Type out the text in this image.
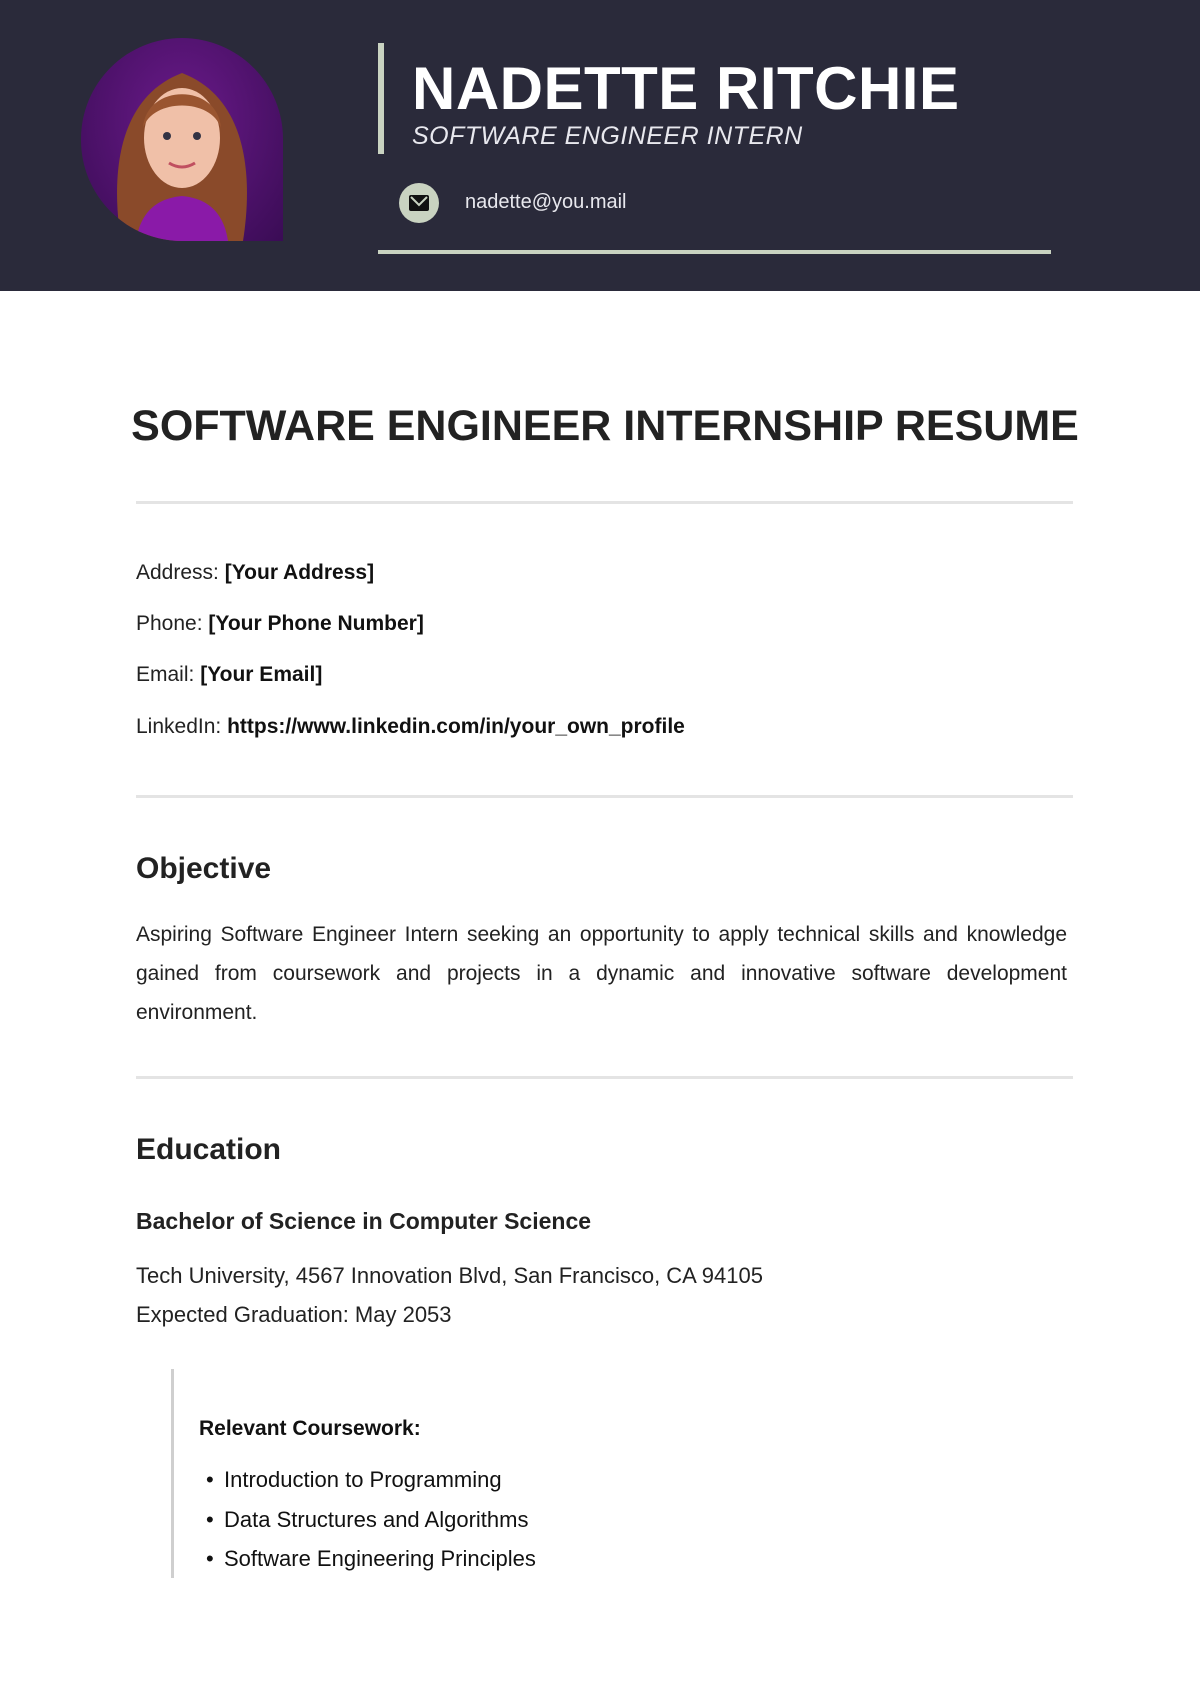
NADETTE RITCHIE
SOFTWARE ENGINEER INTERN
nadette@you.mail
SOFTWARE ENGINEER INTERNSHIP RESUME
Address: [Your Address]
Phone: [Your Phone Number]
Email: [Your Email]
LinkedIn: https://www.linkedin.com/in/your_own_profile
Objective
Aspiring Software Engineer Intern seeking an opportunity to apply technical skills and knowledge gained from coursework and projects in a dynamic and innovative software development environment.
Education
Bachelor of Science in Computer Science
Tech University, 4567 Innovation Blvd, San Francisco, CA 94105
Expected Graduation: May 2053
Relevant Coursework:
• Introduction to Programming
• Data Structures and Algorithms
• Software Engineering Principles
